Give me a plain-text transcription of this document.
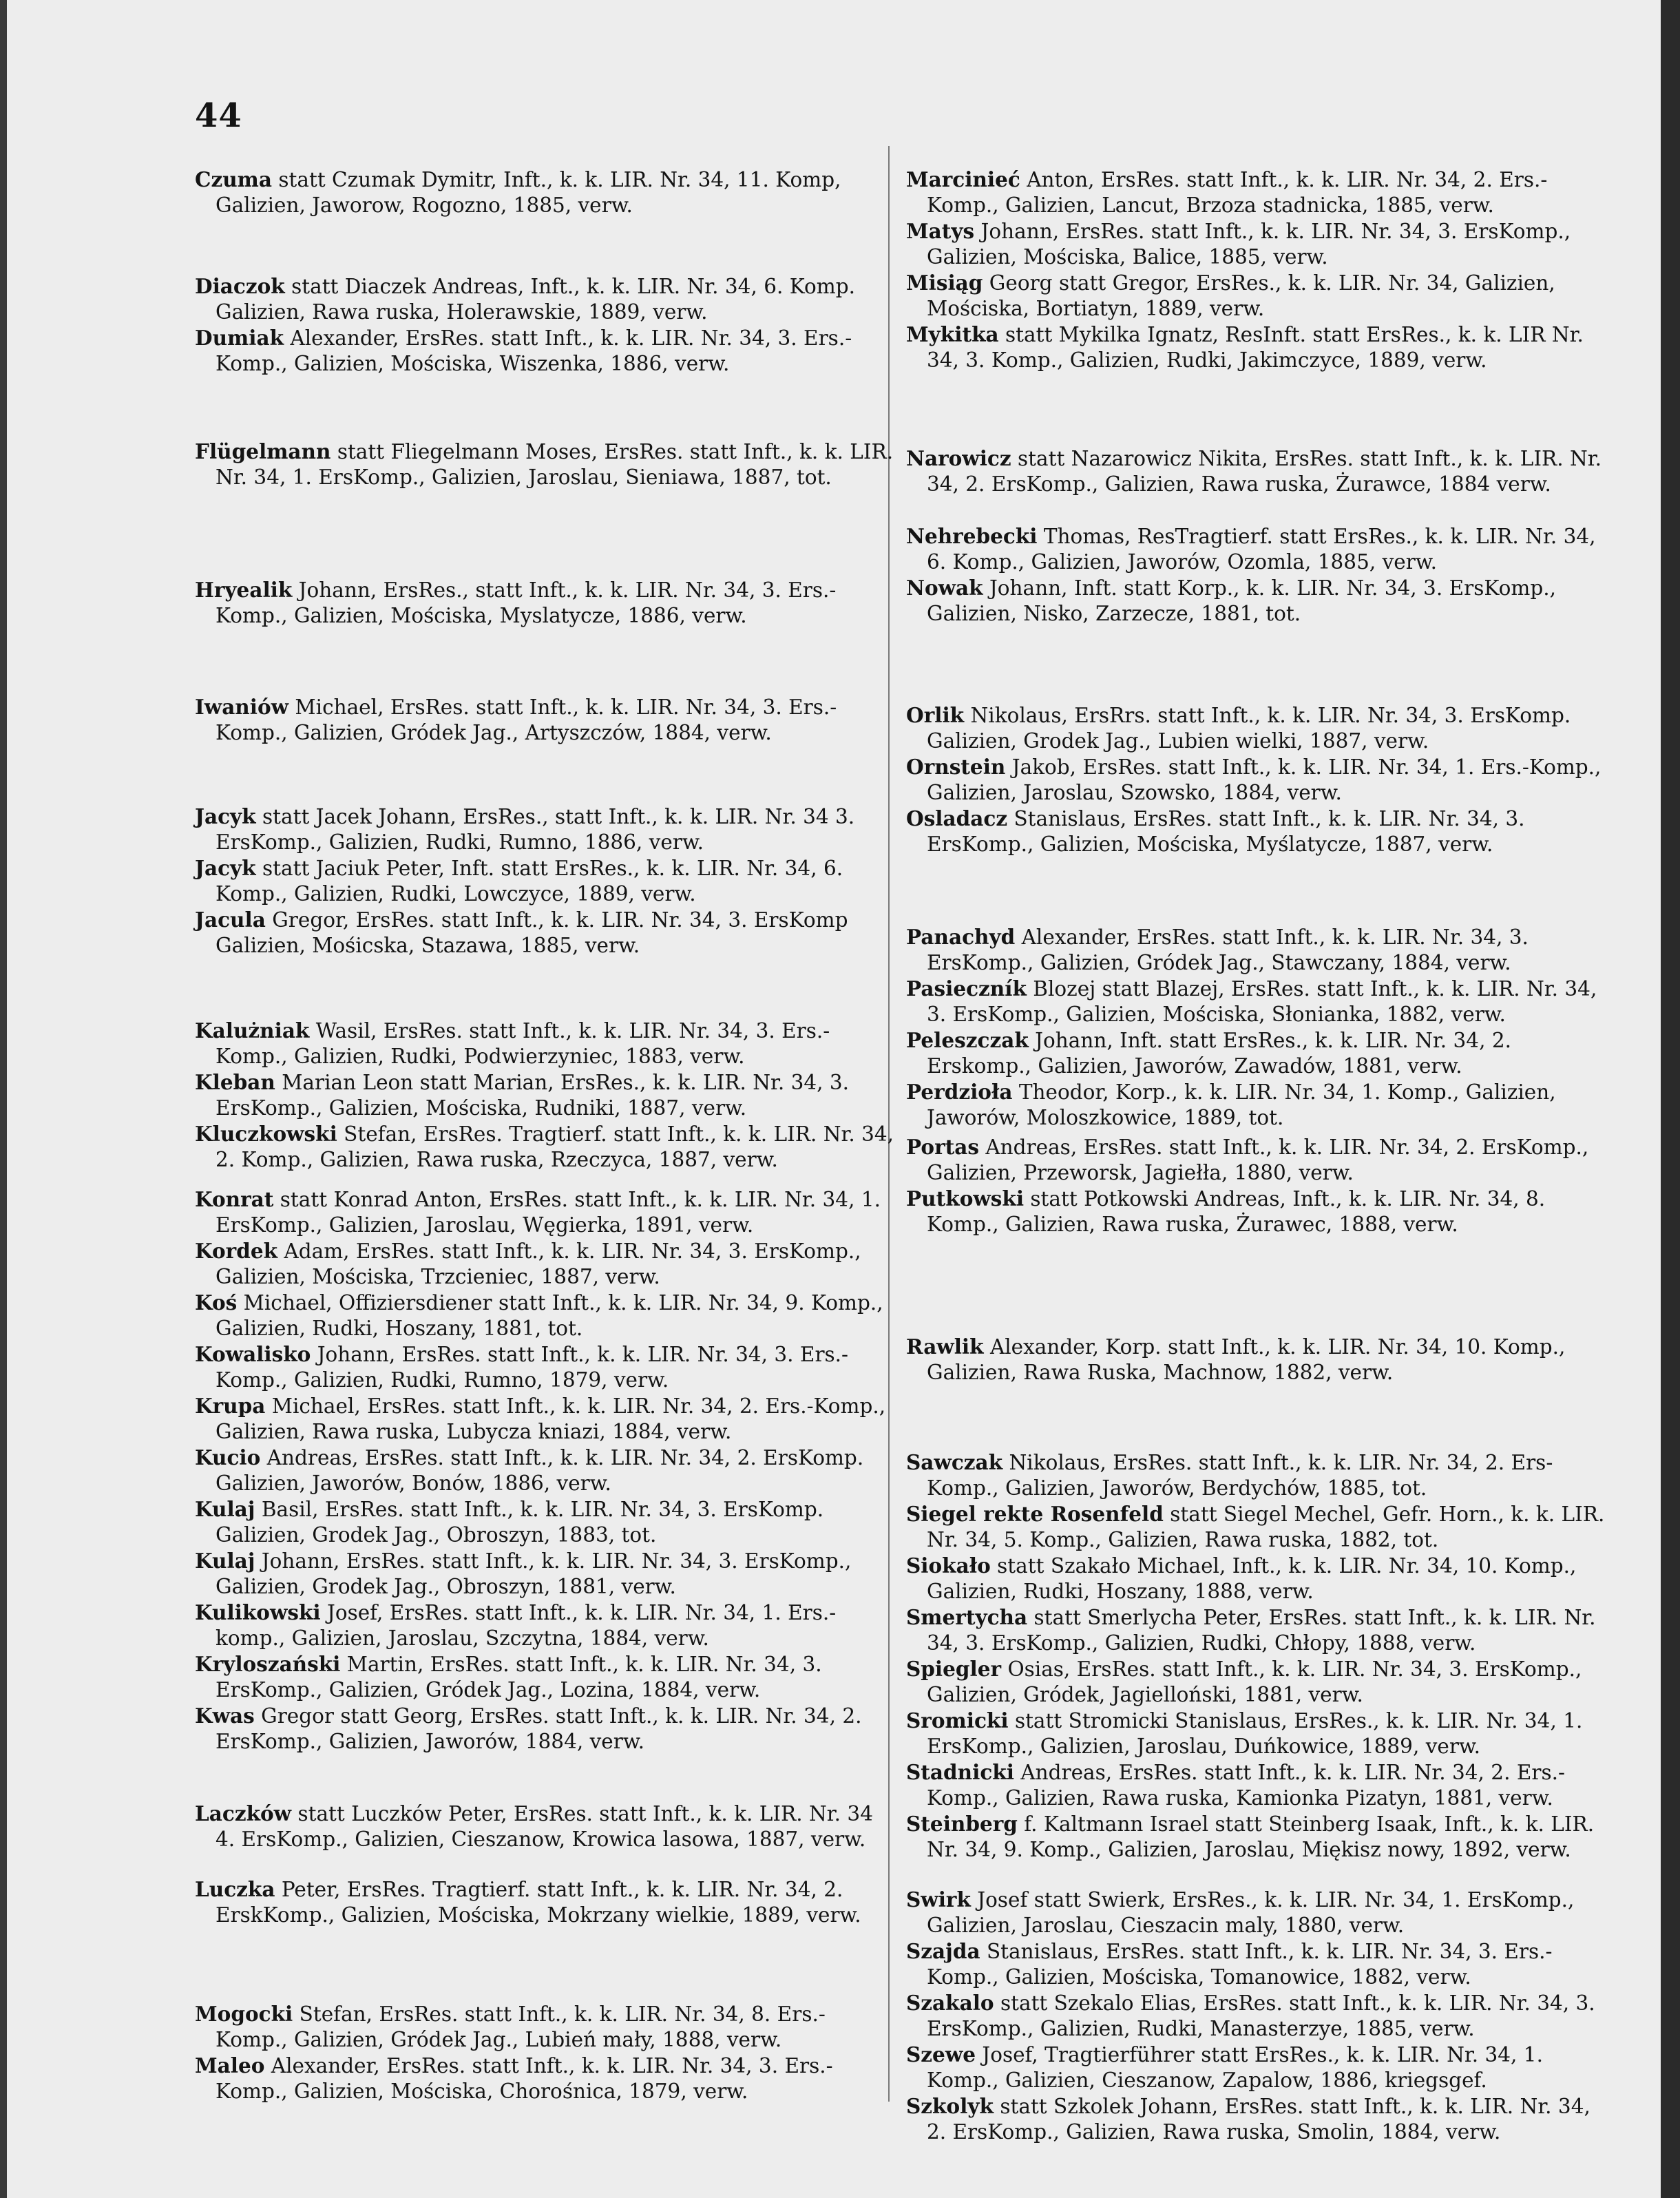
44

Czuma statt Czumak Dymitr, Inft., k. k. LIR. Nr. 34, 11. Komp, Galizien, Jaworow, Rogozno, 1885, verw.

Diaczok statt Diaczek Andreas, Inft., k. k. LIR. Nr. 34, 6. Komp. Galizien, Rawa ruska, Holerawskie, 1889, verw.

Dumiak Alexander, ErsRes. statt Inft., k. k. LIR. Nr. 34, 3. Ers.-Komp., Galizien, Mościska, Wiszenka, 1886, verw.

Flügelmann statt Fliegelmann Moses, ErsRes. statt Inft., k. k. LIR. Nr. 34, 1. ErsKomp., Galizien, Jaroslau, Sieniawa, 1887, tot.

Hryealik Johann, ErsRes., statt Inft., k. k. LIR. Nr. 34, 3. Ers.-Komp., Galizien, Mościska, Myslatycze, 1886, verw.

Iwaniów Michael, ErsRes. statt Inft., k. k. LIR. Nr. 34, 3. Ers.-Komp., Galizien, Gródek Jag., Artyszczów, 1884, verw.

Jacyk statt Jacek Johann, ErsRes., statt Inft., k. k. LIR. Nr. 34 3. ErsKomp., Galizien, Rudki, Rumno, 1886, verw.

Jacyk statt Jaciuk Peter, Inft. statt ErsRes., k. k. LIR. Nr. 34, 6. Komp., Galizien, Rudki, Lowczyce, 1889, verw.

Jacula Gregor, ErsRes. statt Inft., k. k. LIR. Nr. 34, 3. ErsKomp Galizien, Mośicska, Stazawa, 1885, verw.

Kalużniak Wasil, ErsRes. statt Inft., k. k. LIR. Nr. 34, 3. Ers.-Komp., Galizien, Rudki, Podwierzyniec, 1883, verw.

Kleban Marian Leon statt Marian, ErsRes., k. k. LIR. Nr. 34, 3. ErsKomp., Galizien, Mościska, Rudniki, 1887, verw.

Kluczkowski Stefan, ErsRes. Tragtierf. statt Inft., k. k. LIR. Nr. 34, 2. Komp., Galizien, Rawa ruska, Rzeczyca, 1887, verw.

Konrat statt Konrad Anton, ErsRes. statt Inft., k. k. LIR. Nr. 34, 1. ErsKomp., Galizien, Jaroslau, Węgierka, 1891, verw.

Kordek Adam, ErsRes. statt Inft., k. k. LIR. Nr. 34, 3. ErsKomp., Galizien, Mościska, Trzcieniec, 1887, verw.

Koś Michael, Offiziersdiener statt Inft., k. k. LIR. Nr. 34, 9. Komp., Galizien, Rudki, Hoszany, 1881, tot.

Kowalisko Johann, ErsRes. statt Inft., k. k. LIR. Nr. 34, 3. Ers.-Komp., Galizien, Rudki, Rumno, 1879, verw.

Krupa Michael, ErsRes. statt Inft., k. k. LIR. Nr. 34, 2. Ers.-Komp., Galizien, Rawa ruska, Lubycza kniazi, 1884, verw.

Kucio Andreas, ErsRes. statt Inft., k. k. LIR. Nr. 34, 2. ErsKomp. Galizien, Jaworów, Bonów, 1886, verw.

Kulaj Basil, ErsRes. statt Inft., k. k. LIR. Nr. 34, 3. ErsKomp. Galizien, Grodek Jag., Obroszyn, 1883, tot.

Kulaj Johann, ErsRes. statt Inft., k. k. LIR. Nr. 34, 3. ErsKomp., Galizien, Grodek Jag., Obroszyn, 1881, verw.

Kulikowski Josef, ErsRes. statt Inft., k. k. LIR. Nr. 34, 1. Ers.-komp., Galizien, Jaroslau, Szczytna, 1884, verw.

Kryloszański Martin, ErsRes. statt Inft., k. k. LIR. Nr. 34, 3. ErsKomp., Galizien, Gródek Jag., Lozina, 1884, verw.

Kwas Gregor statt Georg, ErsRes. statt Inft., k. k. LIR. Nr. 34, 2. ErsKomp., Galizien, Jaworów, 1884, verw.

Laczków statt Luczków Peter, ErsRes. statt Inft., k. k. LIR. Nr. 34 4. ErsKomp., Galizien, Cieszanow, Krowica lasowa, 1887, verw.

Luczka Peter, ErsRes. Tragtierf. statt Inft., k. k. LIR. Nr. 34, 2. ErskKomp., Galizien, Mościska, Mokrzany wielkie, 1889, verw.

Mogocki Stefan, ErsRes. statt Inft., k. k. LIR. Nr. 34, 8. Ers.-Komp., Galizien, Gródek Jag., Lubień mały, 1888, verw.

Maleo Alexander, ErsRes. statt Inft., k. k. LIR. Nr. 34, 3. Ers.-Komp., Galizien, Mościska, Chorośnica, 1879, verw.

Marcinieć Anton, ErsRes. statt Inft., k. k. LIR. Nr. 34, 2. Ers.-Komp., Galizien, Lancut, Brzoza stadnicka, 1885, verw.

Matys Johann, ErsRes. statt Inft., k. k. LIR. Nr. 34, 3. ErsKomp., Galizien, Mościska, Balice, 1885, verw.

Misiąg Georg statt Gregor, ErsRes., k. k. LIR. Nr. 34, Galizien, Mościska, Bortiatyn, 1889, verw.

Mykitka statt Mykilka Ignatz, ResInft. statt ErsRes., k. k. LIR Nr. 34, 3. Komp., Galizien, Rudki, Jakimczyce, 1889, verw.

Narowicz statt Nazarowicz Nikita, ErsRes. statt Inft., k. k. LIR. Nr. 34, 2. ErsKomp., Galizien, Rawa ruska, Żurawce, 1884 verw.

Nehrebecki Thomas, ResTragtierf. statt ErsRes., k. k. LIR. Nr. 34, 6. Komp., Galizien, Jaworów, Ozomla, 1885, verw.

Nowak Johann, Inft. statt Korp., k. k. LIR. Nr. 34, 3. ErsKomp., Galizien, Nisko, Zarzecze, 1881, tot.

Orlik Nikolaus, ErsRrs. statt Inft., k. k. LIR. Nr. 34, 3. ErsKomp. Galizien, Grodek Jag., Lubien wielki, 1887, verw.

Ornstein Jakob, ErsRes. statt Inft., k. k. LIR. Nr. 34, 1. Ers.-Komp., Galizien, Jaroslau, Szowsko, 1884, verw.

Osladacz Stanislaus, ErsRes. statt Inft., k. k. LIR. Nr. 34, 3. ErsKomp., Galizien, Mościska, Myślatycze, 1887, verw.

Panachyd Alexander, ErsRes. statt Inft., k. k. LIR. Nr. 34, 3. ErsKomp., Galizien, Gródek Jag., Stawczany, 1884, verw.

Pasieczník Blozej statt Blazej, ErsRes. statt Inft., k. k. LIR. Nr. 34, 3. ErsKomp., Galizien, Mościska, Słonianka, 1882, verw.

Peleszczak Johann, Inft. statt ErsRes., k. k. LIR. Nr. 34, 2. Erskomp., Galizien, Jaworów, Zawadów, 1881, verw.

Perdzioła Theodor, Korp., k. k. LIR. Nr. 34, 1. Komp., Galizien, Jaworów, Moloszkowice, 1889, tot.

Portas Andreas, ErsRes. statt Inft., k. k. LIR. Nr. 34, 2. ErsKomp., Galizien, Przeworsk, Jagiełła, 1880, verw.

Putkowski statt Potkowski Andreas, Inft., k. k. LIR. Nr. 34, 8. Komp., Galizien, Rawa ruska, Żurawec, 1888, verw.

Rawlik Alexander, Korp. statt Inft., k. k. LIR. Nr. 34, 10. Komp., Galizien, Rawa Ruska, Machnow, 1882, verw.

Sawczak Nikolaus, ErsRes. statt Inft., k. k. LIR. Nr. 34, 2. Ers-Komp., Galizien, Jaworów, Berdychów, 1885, tot.

Siegel rekte Rosenfeld statt Siegel Mechel, Gefr. Horn., k. k. LIR. Nr. 34, 5. Komp., Galizien, Rawa ruska, 1882, tot.

Siokało statt Szakało Michael, Inft., k. k. LIR. Nr. 34, 10. Komp., Galizien, Rudki, Hoszany, 1888, verw.

Smertycha statt Smerlycha Peter, ErsRes. statt Inft., k. k. LIR. Nr. 34, 3. ErsKomp., Galizien, Rudki, Chłopy, 1888, verw.

Spiegler Osias, ErsRes. statt Inft., k. k. LIR. Nr. 34, 3. ErsKomp., Galizien, Gródek, Jagielloński, 1881, verw.

Sromicki statt Stromicki Stanislaus, ErsRes., k. k. LIR. Nr. 34, 1. ErsKomp., Galizien, Jaroslau, Duńkowice, 1889, verw.

Stadnicki Andreas, ErsRes. statt Inft., k. k. LIR. Nr. 34, 2. Ers.-Komp., Galizien, Rawa ruska, Kamionka Pizatyn, 1881, verw.

Steinberg f. Kaltmann Israel statt Steinberg Isaak, Inft., k. k. LIR. Nr. 34, 9. Komp., Galizien, Jaroslau, Miękisz nowy, 1892, verw.

Swirk Josef statt Swierk, ErsRes., k. k. LIR. Nr. 34, 1. ErsKomp., Galizien, Jaroslau, Cieszacin maly, 1880, verw.

Szajda Stanislaus, ErsRes. statt Inft., k. k. LIR. Nr. 34, 3. Ers.-Komp., Galizien, Mościska, Tomanowice, 1882, verw.

Szakalo statt Szekalo Elias, ErsRes. statt Inft., k. k. LIR. Nr. 34, 3. ErsKomp., Galizien, Rudki, Manasterzye, 1885, verw.

Szewe Josef, Tragtierführer statt ErsRes., k. k. LIR. Nr. 34, 1. Komp., Galizien, Cieszanow, Zapalow, 1886, kriegsgef.

Szkolyk statt Szkolek Johann, ErsRes. statt Inft., k. k. LIR. Nr. 34, 2. ErsKomp., Galizien, Rawa ruska, Smolin, 1884, verw.
